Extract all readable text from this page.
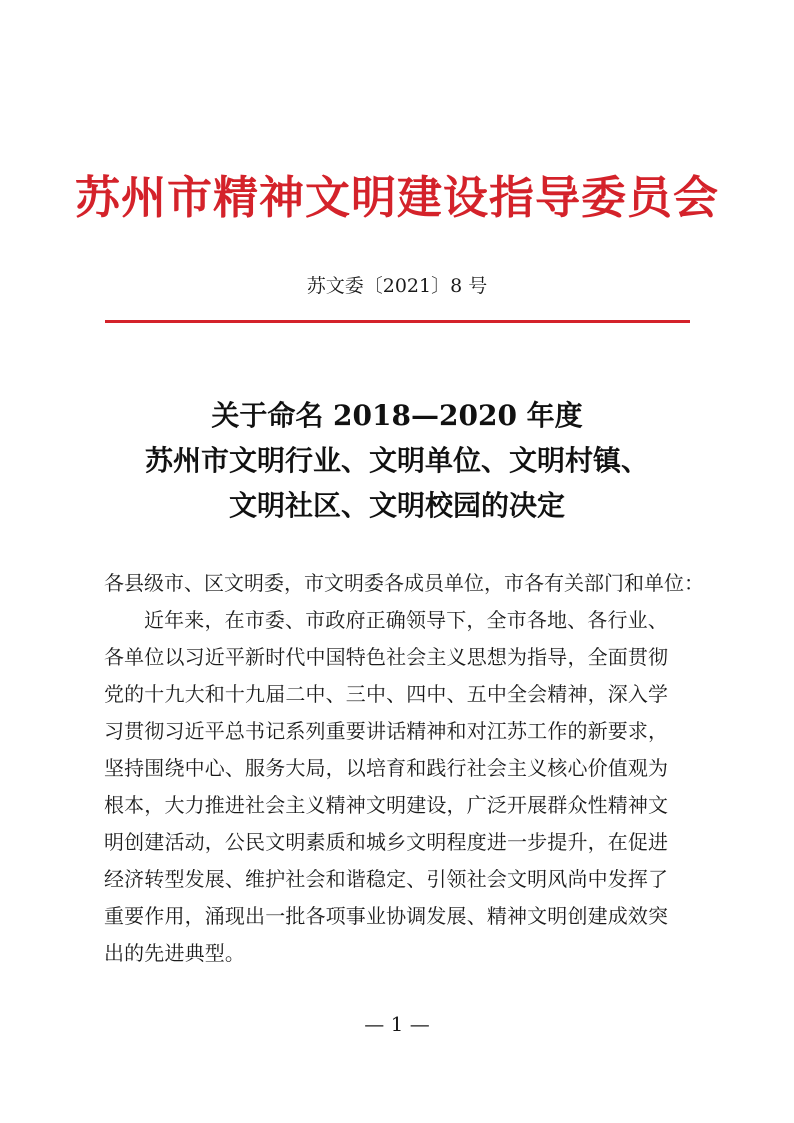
苏州市精神文明建设指导委员会
苏文委〔2021〕8 号
关于命名 2018—2020 年度
苏州市文明行业、文明单位、文明村镇、
文明社区、文明校园的决定
各县级市、区文明委，市文明委各成员单位，市各有关部门和单位：
近年来，在市委、市政府正确领导下，全市各地、各行业、
各单位以习近平新时代中国特色社会主义思想为指导，全面贯彻
党的十九大和十九届二中、三中、四中、五中全会精神，深入学
习贯彻习近平总书记系列重要讲话精神和对江苏工作的新要求，
坚持围绕中心、服务大局，以培育和践行社会主义核心价值观为
根本，大力推进社会主义精神文明建设，广泛开展群众性精神文
明创建活动，公民文明素质和城乡文明程度进一步提升，在促进
经济转型发展、维护社会和谐稳定、引领社会文明风尚中发挥了
重要作用，涌现出一批各项事业协调发展、精神文明创建成效突
出的先进典型。
— 1 —
